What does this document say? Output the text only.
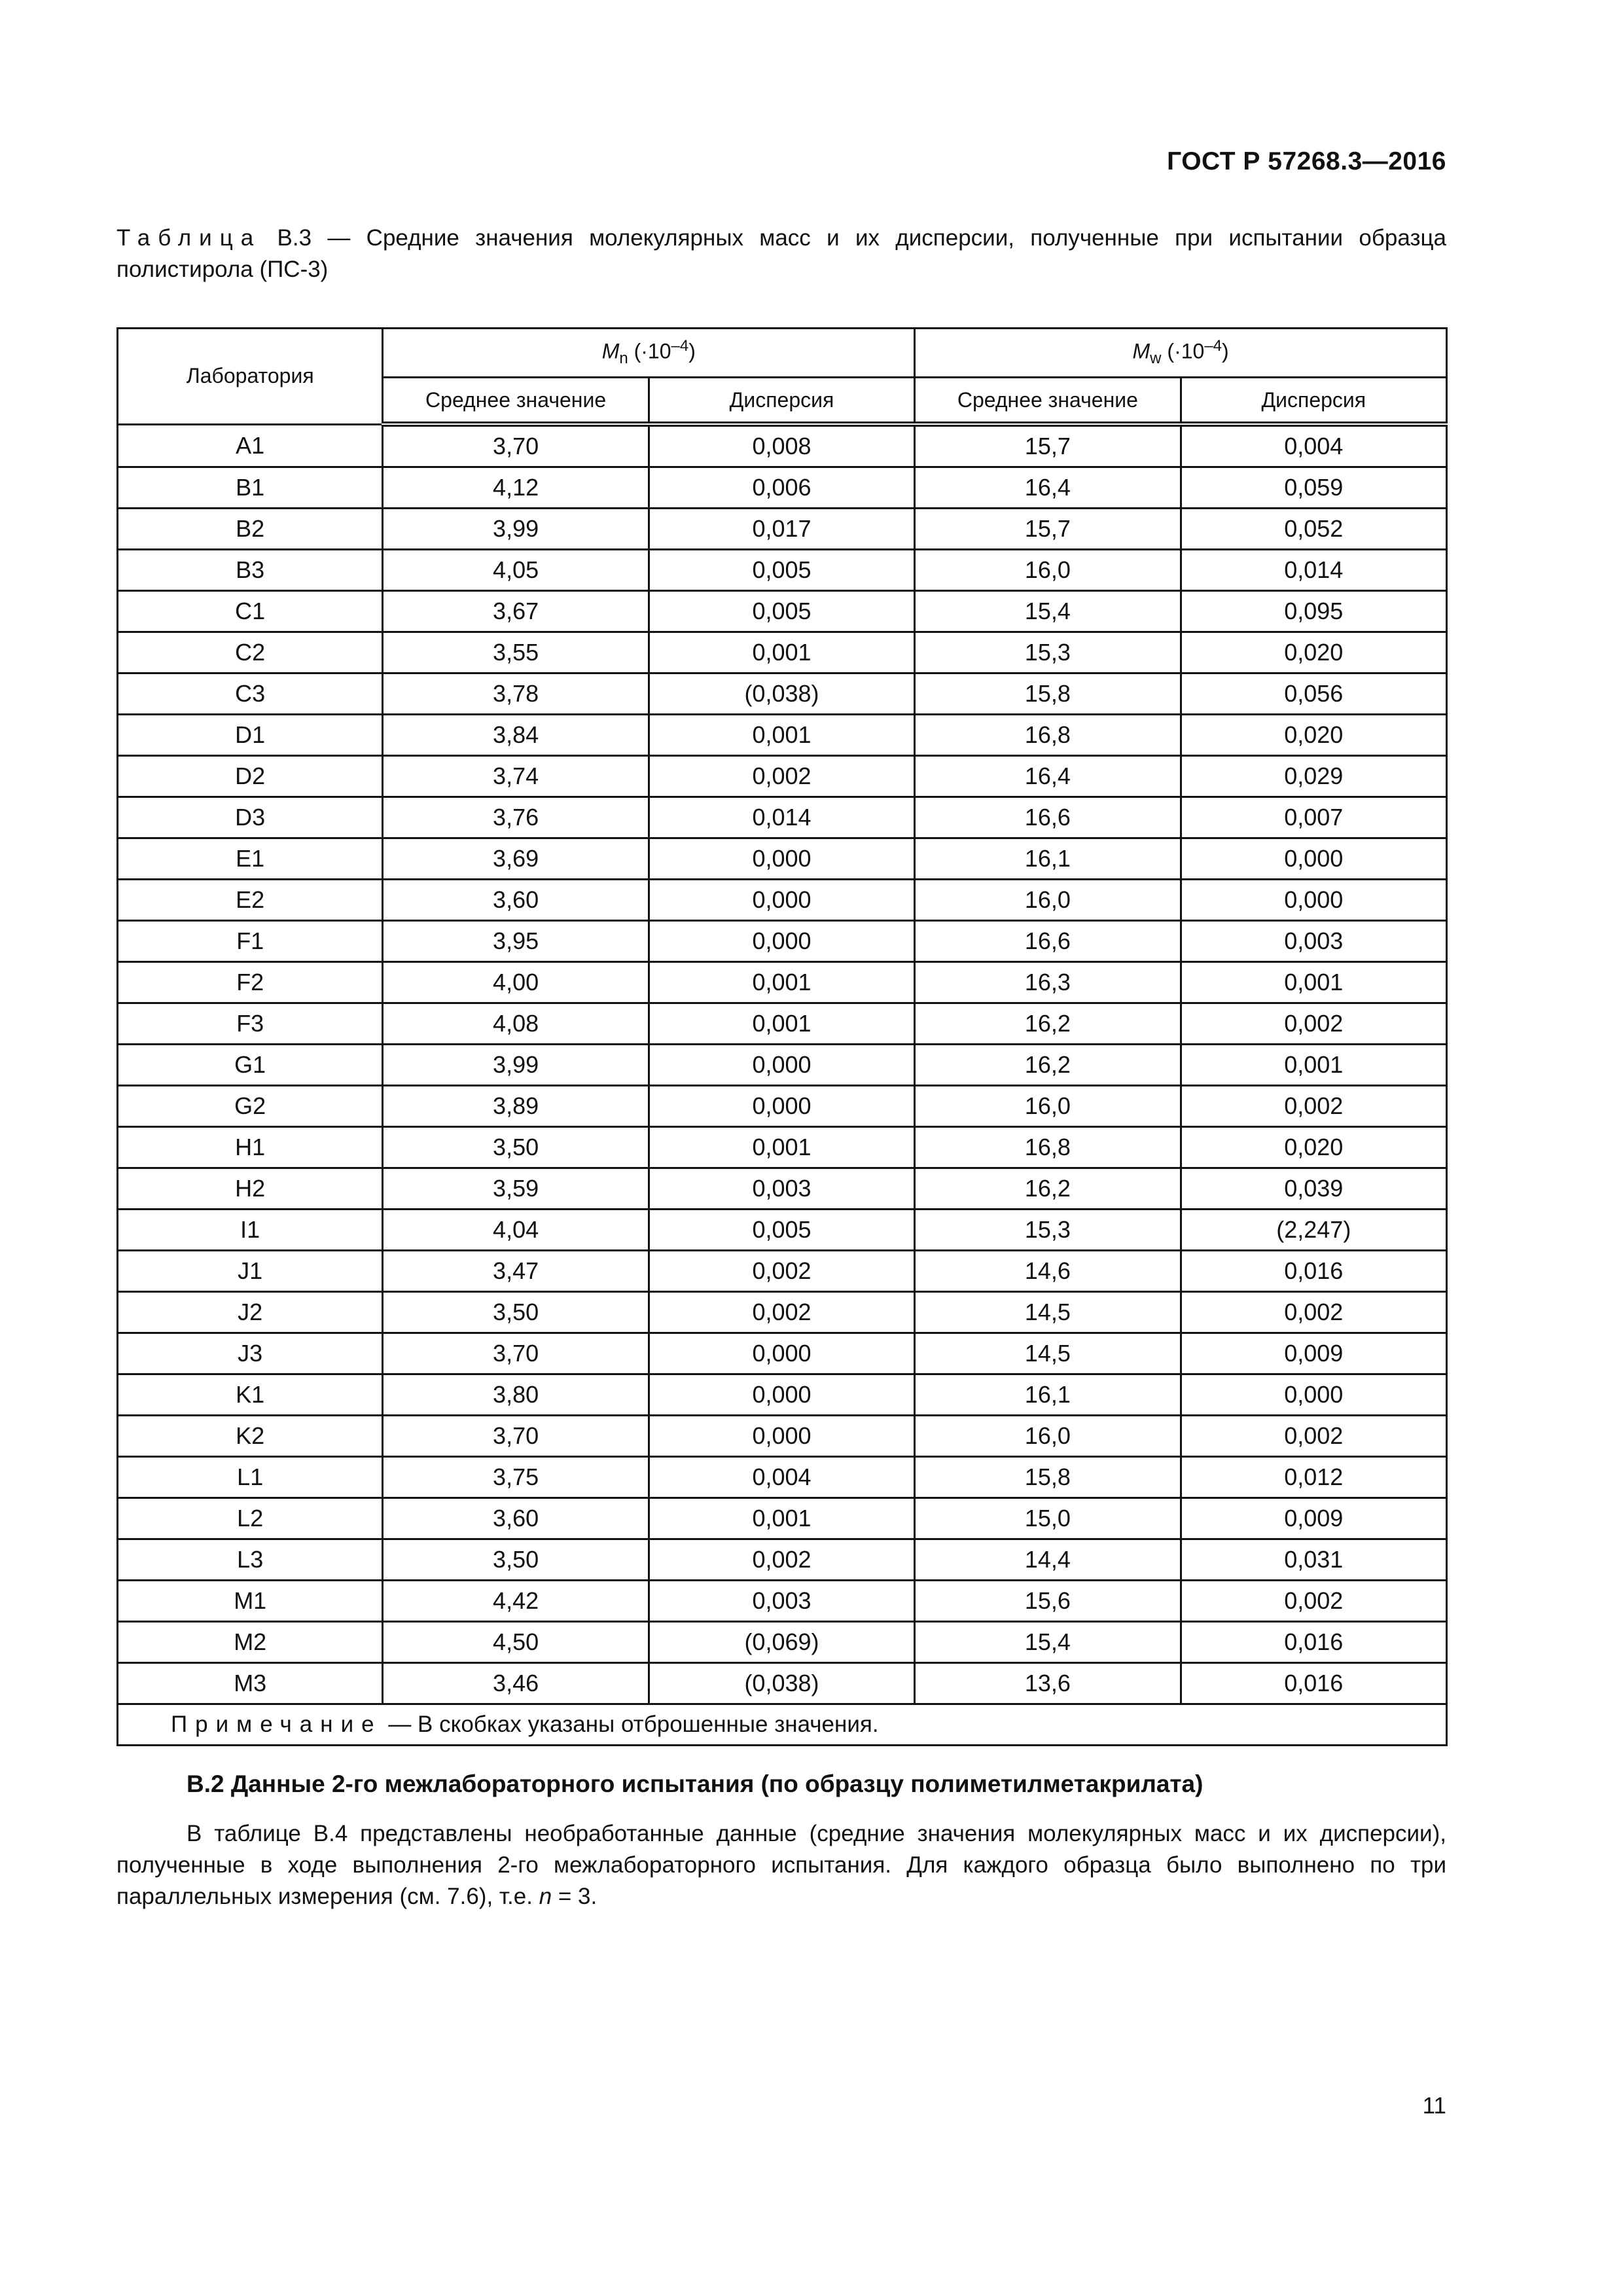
ГОСТ Р 57268.3—2016
Таблица В.3 — Средние значения молекулярных масс и их дисперсии, полученные при испытании образца полистирола (ПС-3)
Лаборатория	$M_n$ $(\cdot 10^{-4})$		$M_w$ $(\cdot 10^{-4})$	
	Среднее значение	Дисперсия	Среднее значение	Дисперсия
A1	3,70	0,008	15,7	0,004
B1	4,12	0,006	16,4	0,059
B2	3,99	0,017	15,7	0,052
B3	4,05	0,005	16,0	0,014
C1	3,67	0,005	15,4	0,095
C2	3,55	0,001	15,3	0,020
C3	3,78	(0,038)	15,8	0,056
D1	3,84	0,001	16,8	0,020
D2	3,74	0,002	16,4	0,029
D3	3,76	0,014	16,6	0,007
E1	3,69	0,000	16,1	0,000
E2	3,60	0,000	16,0	0,000
F1	3,95	0,000	16,6	0,003
F2	4,00	0,001	16,3	0,001
F3	4,08	0,001	16,2	0,002
G1	3,99	0,000	16,2	0,001
G2	3,89	0,000	16,0	0,002
H1	3,50	0,001	16,8	0,020
H2	3,59	0,003	16,2	0,039
I1	4,04	0,005	15,3	(2,247)
J1	3,47	0,002	14,6	0,016
J2	3,50	0,002	14,5	0,002
J3	3,70	0,000	14,5	0,009
K1	3,80	0,000	16,1	0,000
K2	3,70	0,000	16,0	0,002
L1	3,75	0,004	15,8	0,012
L2	3,60	0,001	15,0	0,009
L3	3,50	0,002	14,4	0,031
M1	4,42	0,003	15,6	0,002
M2	4,50	(0,069)	15,4	0,016
M3	3,46	(0,038)	13,6	0,016
Примечание — В скобках указаны отброшенные значения.				
B.2 Данные 2-го межлабораторного испытания (по образцу полиметилметакрилата)
В таблице В.4 представлены необработанные данные (средние значения молекулярных масс и их дисперсии), полученные в ходе выполнения 2-го межлабораторного испытания. Для каждого образца было выполнено по три параллельных измерения (см. 7.6), т.е. n = 3.
11
